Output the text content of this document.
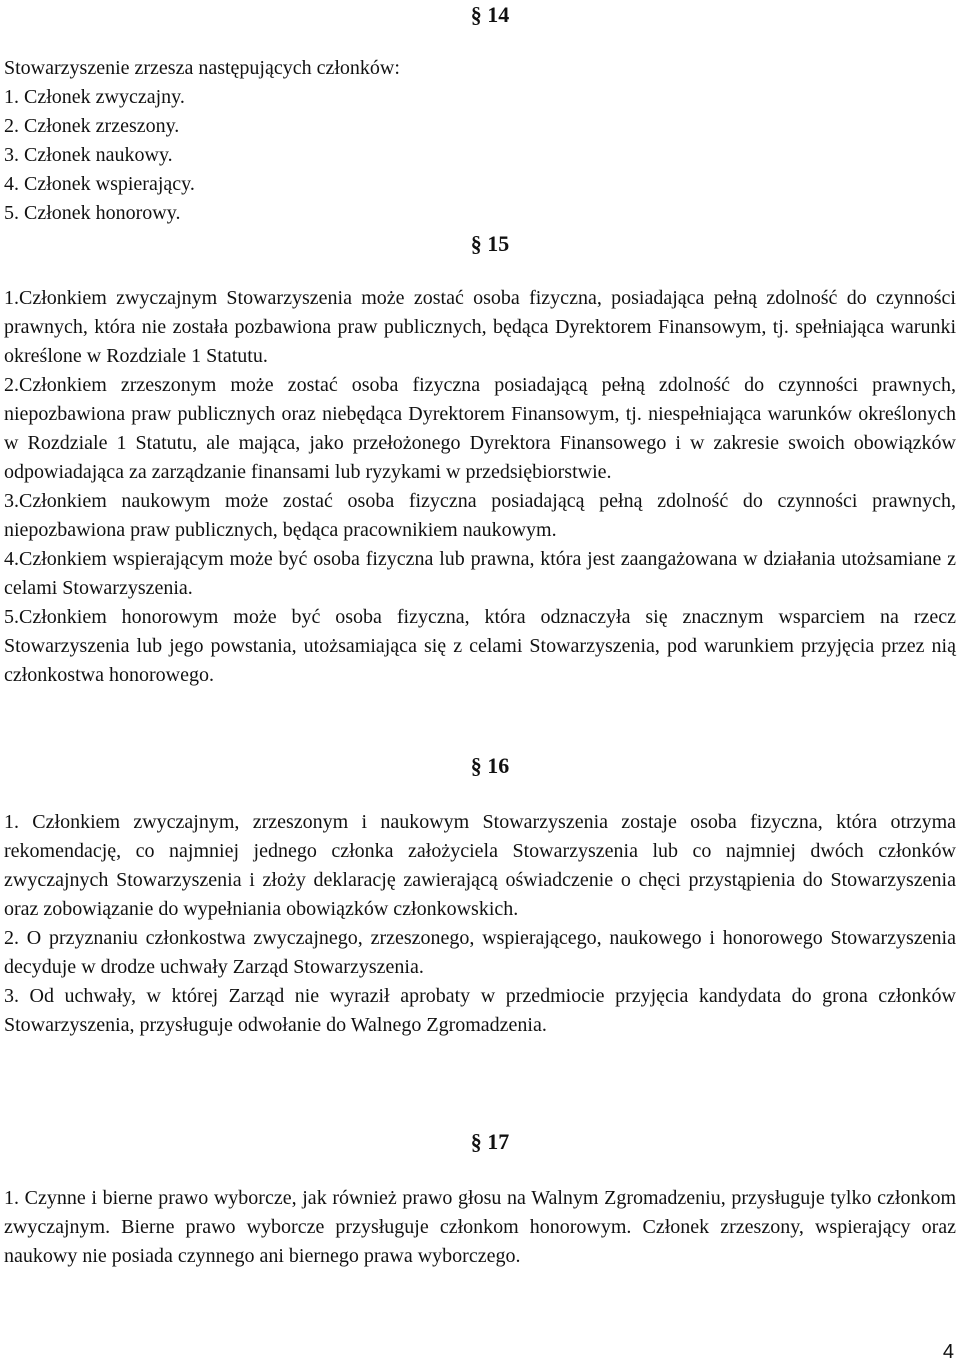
§ 14

Stowarzyszenie zrzesza następujących członków:

1. Członek zwyczajny.

2. Członek zrzeszony.

3. Członek naukowy.

4. Członek wspierający.

5. Członek honorowy.

§ 15

1.Członkiem zwyczajnym Stowarzyszenia może zostać osoba fizyczna, posiadająca pełną zdolność do czynności prawnych, która nie została pozbawiona praw publicznych, będąca Dyrektorem Finansowym, tj. spełniająca warunki określone w Rozdziale 1 Statutu.

2.Członkiem zrzeszonym może zostać osoba fizyczna posiadającą pełną zdolność do czynności prawnych, niepozbawiona praw publicznych oraz niebędąca Dyrektorem Finansowym, tj. niespełniająca warunków określonych w Rozdziale 1 Statutu, ale mająca, jako przełożonego Dyrektora Finansowego i w zakresie swoich obowiązków odpowiadająca za zarządzanie finansami lub ryzykami w przedsiębiorstwie.

3.Członkiem naukowym może zostać osoba fizyczna posiadającą pełną zdolność do czynności prawnych, niepozbawiona praw publicznych, będąca pracownikiem naukowym.

4.Członkiem wspierającym może być osoba fizyczna lub prawna, która jest zaangażowana w działania utożsamiane z celami Stowarzyszenia.

5.Członkiem honorowym może być osoba fizyczna, która odznaczyła się znacznym wsparciem na rzecz Stowarzyszenia lub jego powstania, utożsamiająca się z celami Stowarzyszenia, pod warunkiem przyjęcia przez nią członkostwa honorowego.

§ 16

1. Członkiem zwyczajnym, zrzeszonym i naukowym Stowarzyszenia zostaje osoba fizyczna, która otrzyma rekomendację, co najmniej jednego członka założyciela Stowarzyszenia lub co najmniej dwóch członków zwyczajnych Stowarzyszenia i złoży deklarację zawierającą oświadczenie o chęci przystąpienia do Stowarzyszenia oraz zobowiązanie do wypełniania obowiązków członkowskich.

2. O przyznaniu członkostwa zwyczajnego, zrzeszonego, wspierającego, naukowego i honorowego Stowarzyszenia decyduje w drodze uchwały Zarząd Stowarzyszenia.

3. Od uchwały, w której Zarząd nie wyraził aprobaty w przedmiocie przyjęcia kandydata do grona członków Stowarzyszenia, przysługuje odwołanie do Walnego Zgromadzenia.

§ 17

1. Czynne i bierne prawo wyborcze, jak również prawo głosu na Walnym Zgromadzeniu, przysługuje tylko członkom zwyczajnym. Bierne prawo wyborcze przysługuje członkom honorowym. Członek zrzeszony, wspierający oraz naukowy nie posiada czynnego ani biernego prawa wyborczego.

4
